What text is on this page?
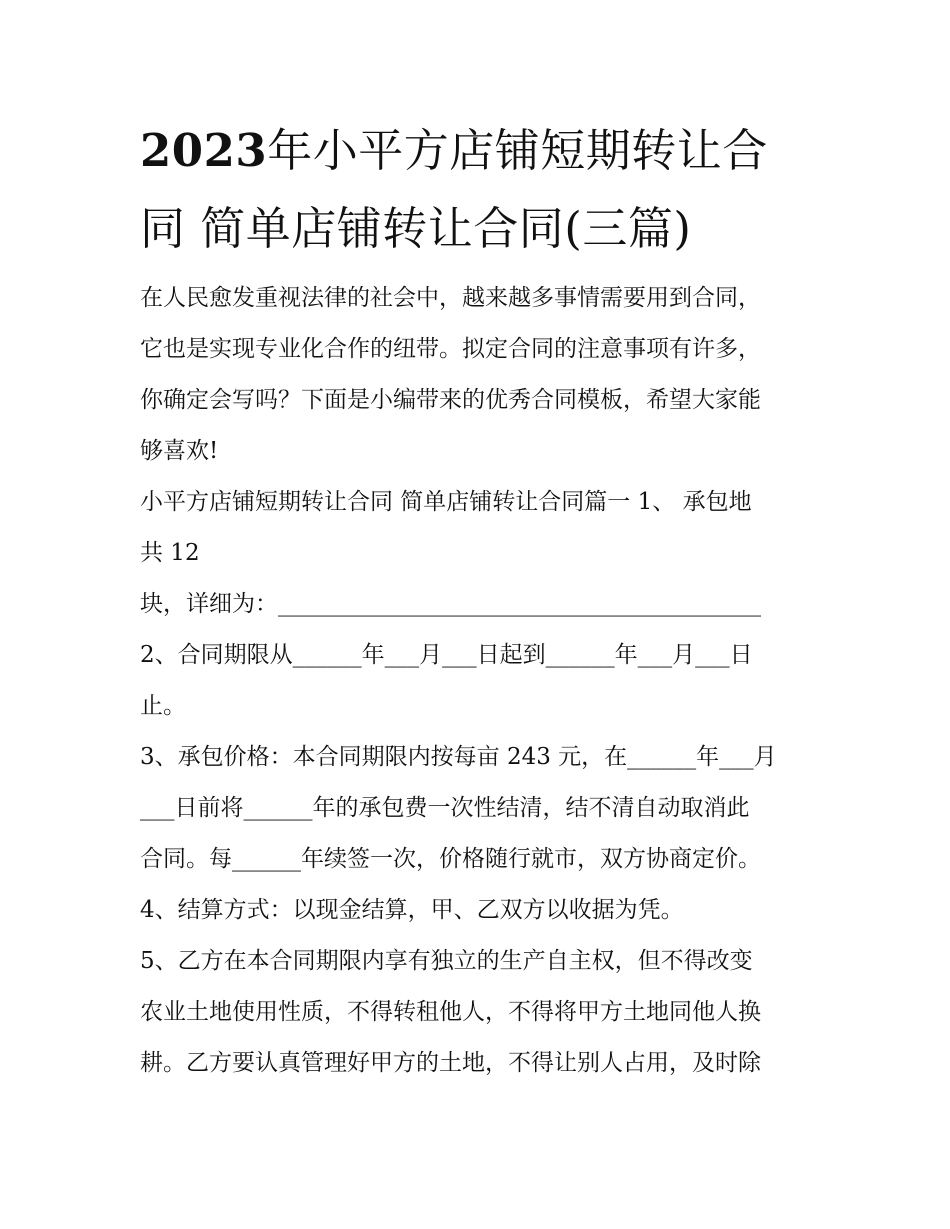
2023年小平方店铺短期转让合
同 简单店铺转让合同(三篇)

在人民愈发重视法律的社会中，越来越多事情需要用到合同，

它也是实现专业化合作的纽带。拟定合同的注意事项有许多，

你确定会写吗？下面是小编带来的优秀合同模板，希望大家能

够喜欢!

小平方店铺短期转让合同 简单店铺转让合同篇一 1、 承包地

共 12

块，详细为：__________________________________________

2、合同期限从______年___月___日起到______年___月___日

止。

3、承包价格：本合同期限内按每亩 243 元，在______年___月

___日前将______年的承包费一次性结清，结不清自动取消此

合同。每______年续签一次，价格随行就市，双方协商定价。

4、结算方式：以现金结算，甲、乙双方以收据为凭。

5、乙方在本合同期限内享有独立的生产自主权，但不得改变

农业土地使用性质，不得转租他人，不得将甲方土地同他人换

耕。乙方要认真管理好甲方的土地，不得让别人占用，及时除
